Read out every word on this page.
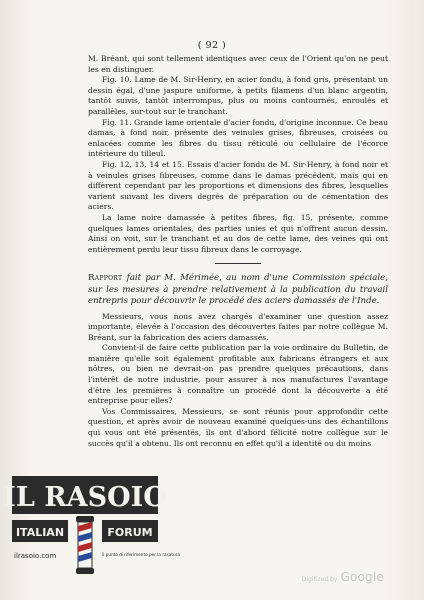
( 92 )

M. Bréant, qui sont tellement identiques avec ceux de l'Orient qu'on ne peut les en distinguer.

Fig. 10. Lame de M. Sir-Henry, en acier fondu, à fond gris, présentant un dessin égal, d'une jaspure uniforme, à petits filamens d'un blanc argentin, tantôt suivis, tantôt interrompus, plus ou moins contournés, enroulés et parallèles, sur-tout sur le tranchant.

Fig. 11. Grande lame orientale d'acier fondu, d'origine inconnue. Ce beau damas, à fond noir, présente des veinules grises, fibreuses, croisées ou enlacées comme les fibres du tissu réticulé ou cellulaire de l'écorce intérieure du tilleul.

Fig. 12, 13, 14 et 15. Essais d'acier fondu de M. Sir-Henry, à fond noir et à veinules grises fibreuses, comme dans le damas précédent, mais qui en diffèrent cependant par les proportions et dimensions des fibres, lesquelles varient suivant les divers degrés de préparation ou de cémentation des aciers.

La lame noire damassée à petites fibres, fig. 15, présente, comme quelques lames orientales, des parties unies et qui n'offrent aucun dessin. Ainsi on voit, sur le tranchant et au dos de cette lame, des veines qui ont entièrement perdu leur tissu fibreux dans le corroyage.

Rapport fait par M. Mérimée, au nom d'une Commission spéciale, sur les mesures à prendre relativement à la publication du travail entrepris pour découvrir le procédé des aciers damassés de l'Inde.

Messieurs, vous nous avez chargés d'examiner une question assez importante, élevée à l'occasion des découvertes faites par notre collègue M. Bréant, sur la fabrication des aciers damassés.

Convient-il de faire cette publication par la voie ordinaire du Bulletin, de manière qu'elle soit également profitable aux fabricans étrangers et aux nôtres, ou bien ne devrait-on pas prendre quelques précautions, dans l'intérêt de notre industrie, pour assurer à nos manufactures l'avantage d'être les premières à connaître un procédé dont la découverte a été entreprise pour elles?

Vos Commissaires, Messieurs, se sont réunis pour approfondir cette question, et après avoir de nouveau examiné quelques-uns des échantillons qui vous ont été présentés, ils ont d'abord félicité notre collègue sur le succès qu'il a obtenu. Ils ont reconnu en effet qu'il a identité ou du moins

IL RASOIO
ITALIAN	FORUM
ilrasoio.com	il punto di riferimento per la rasatura
Digitized by Google
